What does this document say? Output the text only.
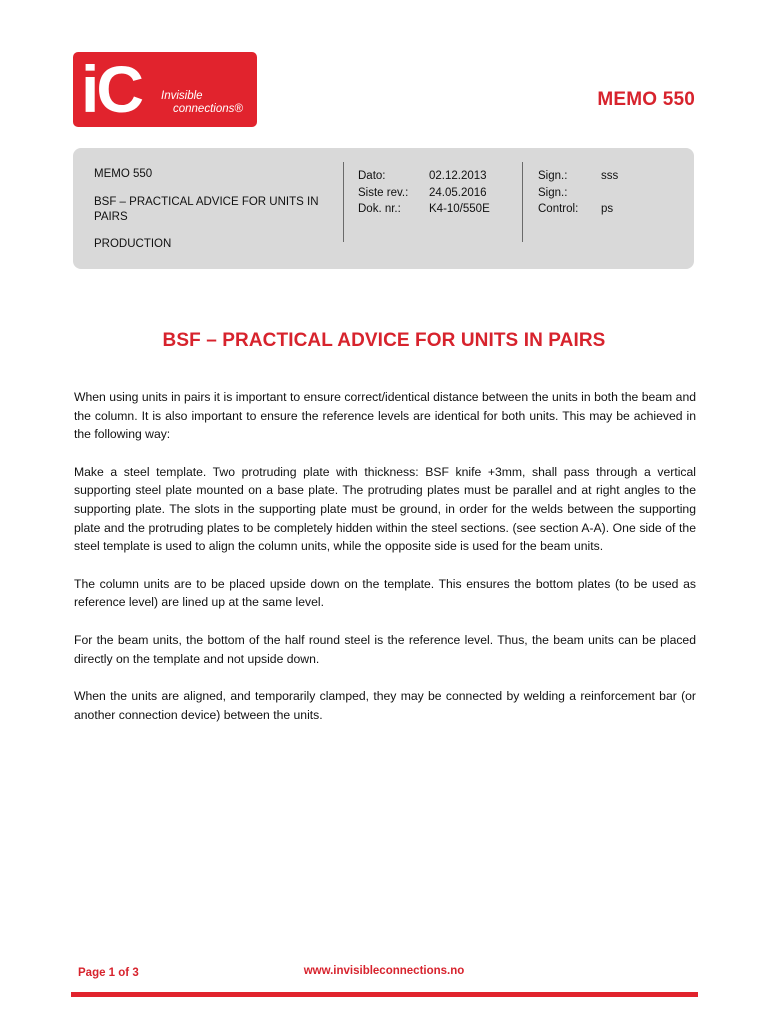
iC Invisible
connections®	MEMO 550
MEMO 550
BSF – PRACTICAL ADVICE FOR UNITS IN PAIRS
PRODUCTION
Dato:	02.12.2013
Siste rev.:	24.05.2016
Dok. nr.:	K4-10/550E
Sign.:	sss
Sign.:
Control:	ps
BSF – PRACTICAL ADVICE FOR UNITS IN PAIRS

When using units in pairs it is important to ensure correct/identical distance between the units in both the beam and the column. It is also important to ensure the reference levels are identical for both units. This may be achieved in the following way:

Make a steel template. Two protruding plate with thickness: BSF knife +3mm, shall pass through a vertical supporting steel plate mounted on a base plate. The protruding plates must be parallel and at right angles to the supporting plate. The slots in the supporting plate must be ground, in order for the welds between the supporting plate and the protruding plates to be completely hidden within the steel sections. (see section A-A). One side of the steel template is used to align the column units, while the opposite side is used for the beam units.

The column units are to be placed upside down on the template. This ensures the bottom plates (to be used as reference level) are lined up at the same level.

For the beam units, the bottom of the half round steel is the reference level. Thus, the beam units can be placed directly on the template and not upside down.

When the units are aligned, and temporarily clamped, they may be connected by welding a reinforcement bar (or another connection device) between the units.

Page 1 of 3	www.invisibleconnections.no
